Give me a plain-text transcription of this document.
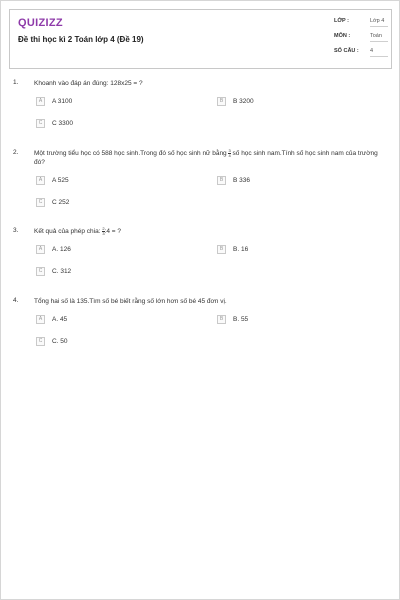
QUIZIZZ
Đề thi học kì 2 Toán lớp 4 (Đề 19)
LỚP :	Lớp 4
MÔN :	Toán
SỐ CÂU : 4
1. Khoanh vào đáp án đúng: 128x25 = ?
A	A 3100	B	B 3200
C	C 3300
2. Một trường tiểu học có 588 học sinh.Trong đó số học sinh nữ bằng $\frac{3}{4}$ số học sinh nam.Tính số học sinh nam của trường đó?
A	A 525	B	B 336
C	C 252
3. Kết quả của phép chia: $\frac{2}{3}$ :4 = ?
A	A. 126	B	B. 16
C	C. 312
4. Tổng hai số là 135.Tìm số bé biết rằng số lớn hơn số bé 45 đơn vị.
A	A. 45	B	B. 55
C	C. 50
